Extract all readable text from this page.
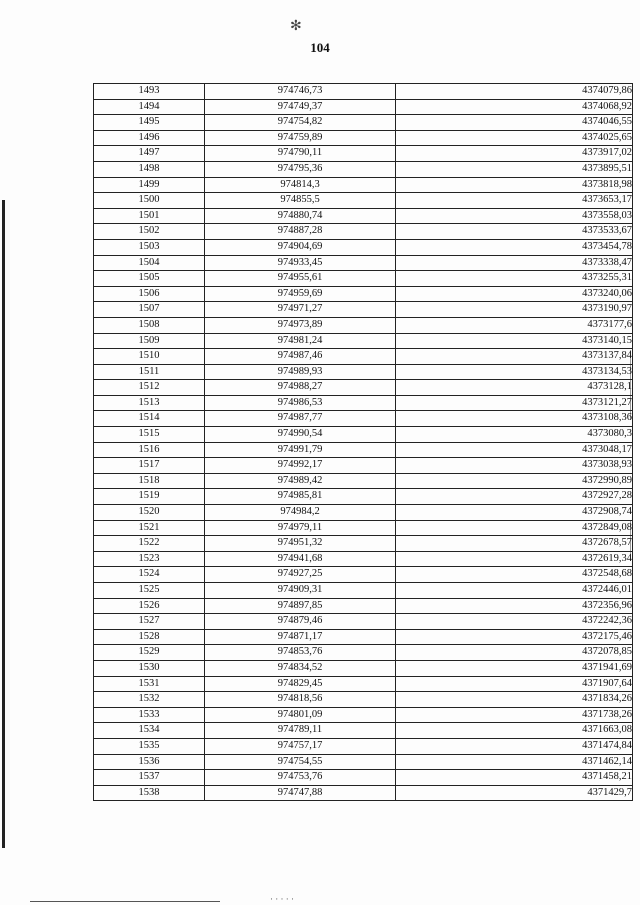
✻
104
1493	974746,73	4374079,86
1494	974749,37	4374068,92
1495	974754,82	4374046,55
1496	974759,89	4374025,65
1497	974790,11	4373917,02
1498	974795,36	4373895,51
1499	974814,3	4373818,98
1500	974855,5	4373653,17
1501	974880,74	4373558,03
1502	974887,28	4373533,67
1503	974904,69	4373454,78
1504	974933,45	4373338,47
1505	974955,61	4373255,31
1506	974959,69	4373240,06
1507	974971,27	4373190,97
1508	974973,89	4373177,6
1509	974981,24	4373140,15
1510	974987,46	4373137,84
1511	974989,93	4373134,53
1512	974988,27	4373128,1
1513	974986,53	4373121,27
1514	974987,77	4373108,36
1515	974990,54	4373080,3
1516	974991,79	4373048,17
1517	974992,17	4373038,93
1518	974989,42	4372990,89
1519	974985,81	4372927,28
1520	974984,2	4372908,74
1521	974979,11	4372849,08
1522	974951,32	4372678,57
1523	974941,68	4372619,34
1524	974927,25	4372548,68
1525	974909,31	4372446,01
1526	974897,85	4372356,96
1527	974879,46	4372242,36
1528	974871,17	4372175,46
1529	974853,76	4372078,85
1530	974834,52	4371941,69
1531	974829,45	4371907,64
1532	974818,56	4371834,26
1533	974801,09	4371738,26
1534	974789,11	4371663,08
1535	974757,17	4371474,84
1536	974754,55	4371462,14
1537	974753,76	4371458,21
1538	974747,88	4371429,7
· · · · ·
